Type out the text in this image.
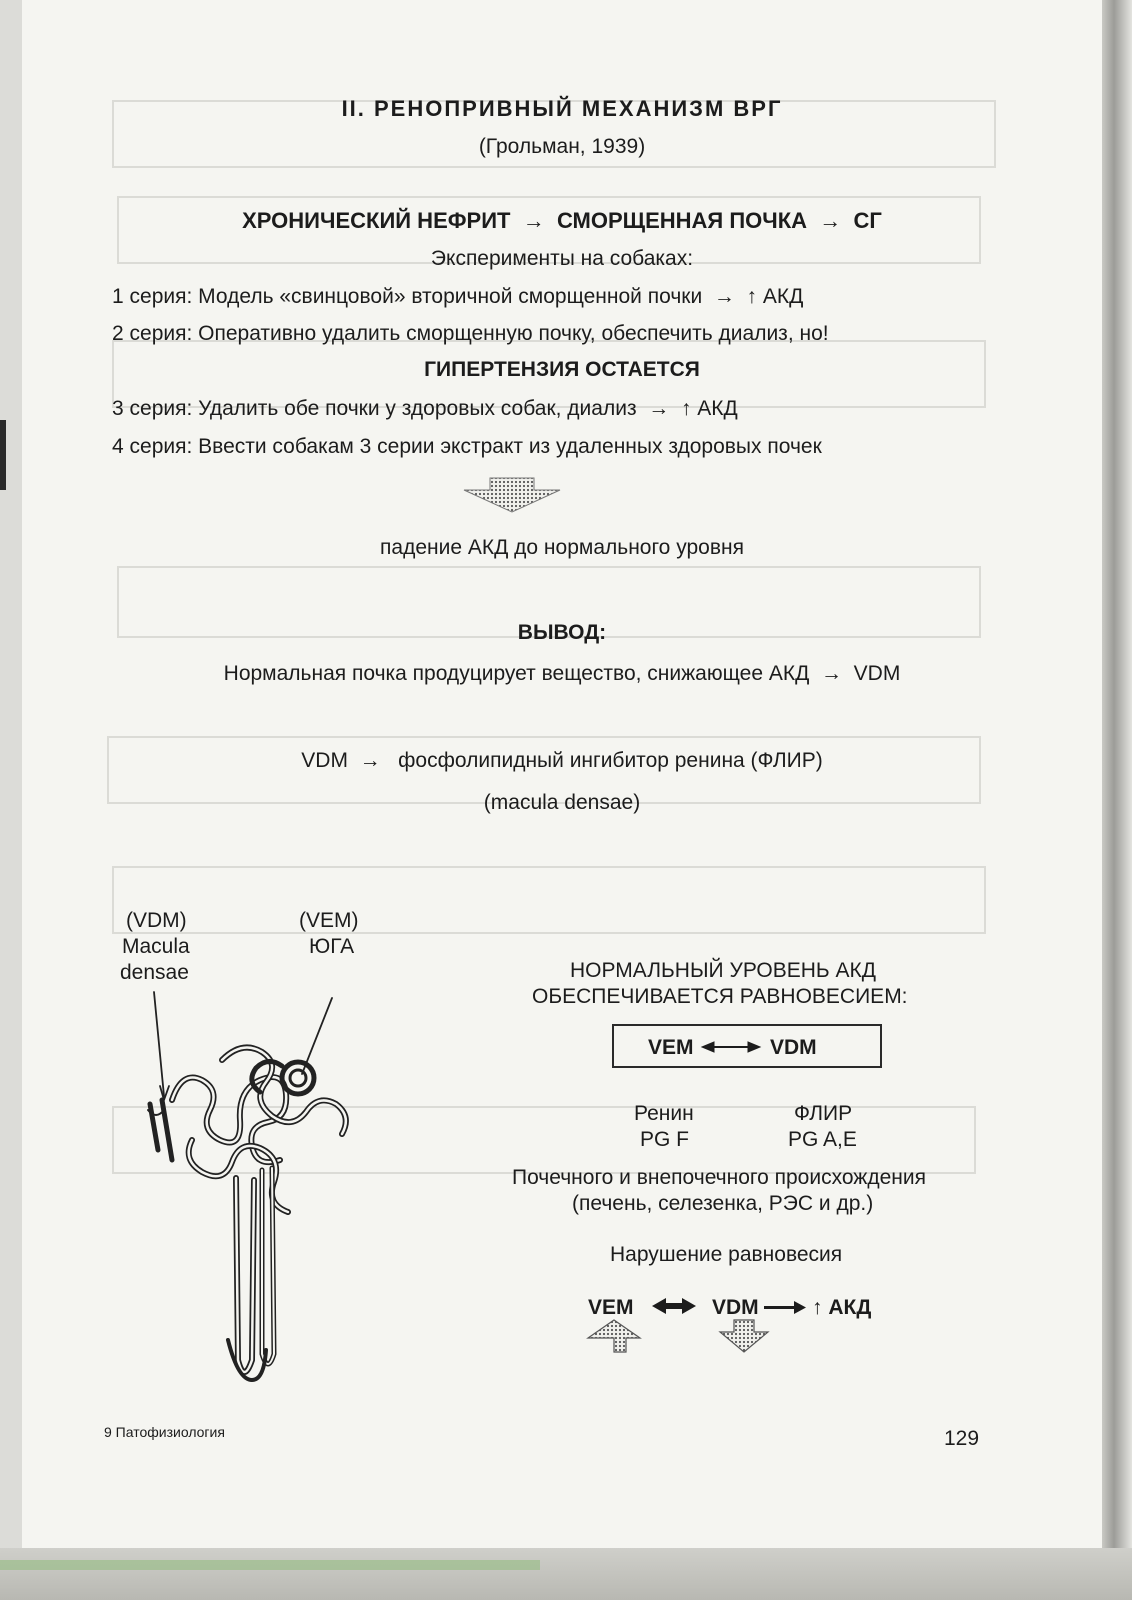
II. РЕНОПРИВНЫЙ МЕХАНИЗМ ВРГ
(Грольман, 1939)
ХРОНИЧЕСКИЙ НЕФРИТ  →  СМОРЩЕННАЯ ПОЧКА  →  СГ
Эксперименты на собаках:
1 серия: Модель «свинцовой» вторичной сморщенной почки  →  ↑ АКД
2 серия: Оперативно удалить сморщенную почку, обеспечить диализ, но!
ГИПЕРТЕНЗИЯ ОСТАЕТСЯ
3 серия: Удалить обе почки у здоровых собак, диализ  →  ↑ АКД
4 серия: Ввести собакам 3 серии экстракт из удаленных здоровых почек
падение АКД до нормального уровня
ВЫВОД:
Нормальная почка продуцирует вещество, снижающее АКД  →  VDM
VDM  →   фосфолипидный ингибитор ренина (ФЛИР)
(macula densae)
(VDM)
Macula
densae
(VEM)
ЮГА
НОРМАЛЬНЫЙ УРОВЕНЬ АКД
ОБЕСПЕЧИВАЕТСЯ РАВНОВЕСИЕМ:
VEM	VDM
Ренин
PG F
ФЛИР
PG A,E
Почечного и внепочечного происхождения
(печень, селезенка, РЭС и др.)
Нарушение равновесия
VEM	VDM	↑ АКД
9 Патофизиология	129
